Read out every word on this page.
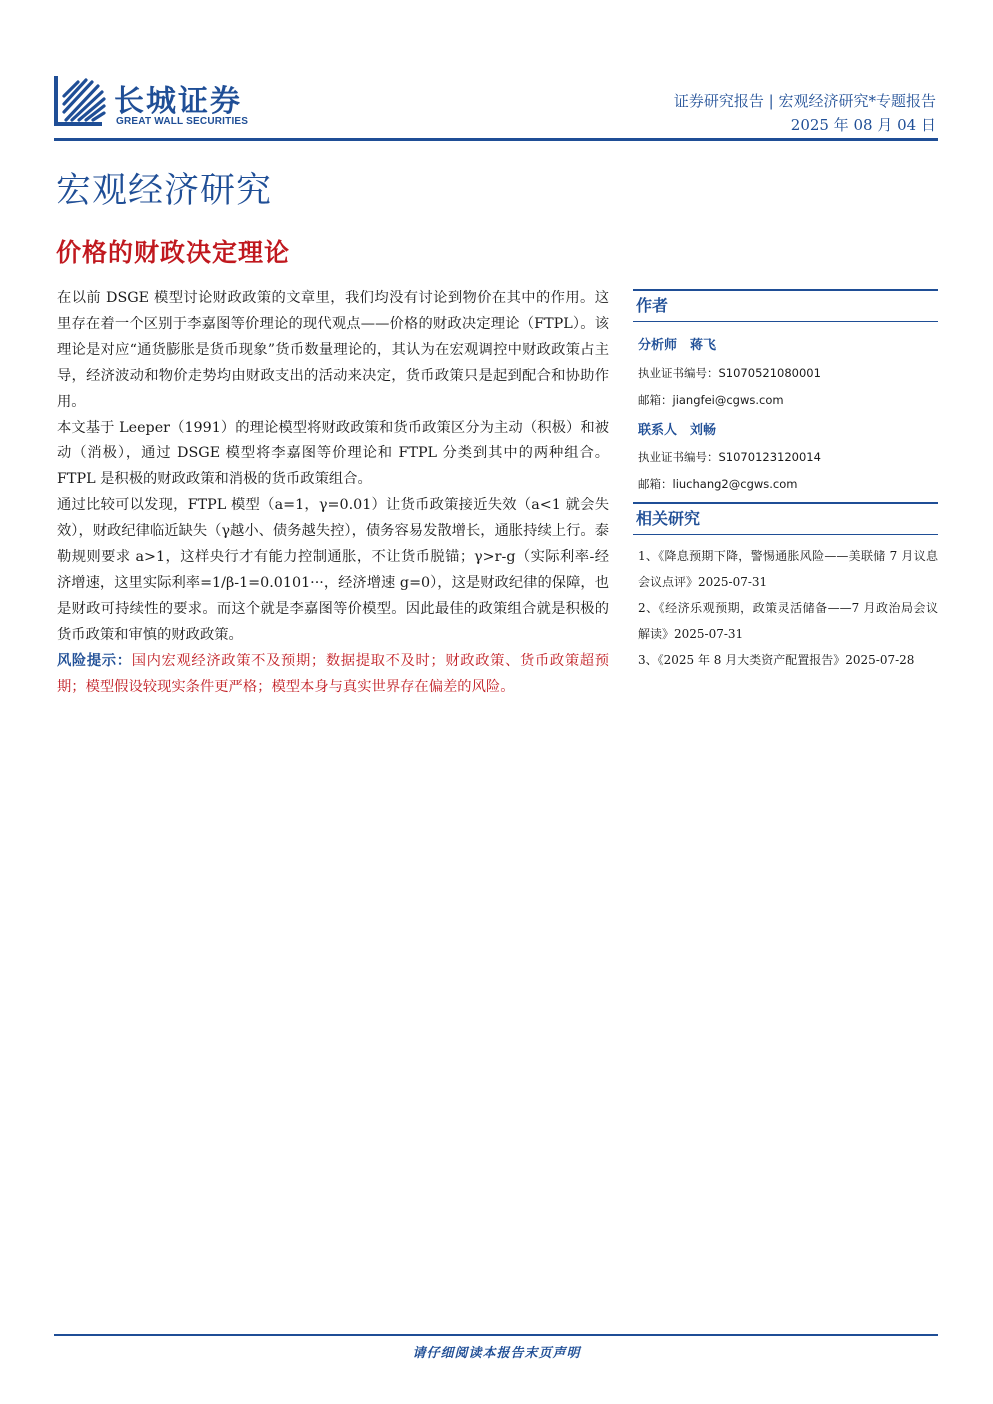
长城证券
GREAT WALL SECURITIES
证券研究报告 | 宏观经济研究*专题报告
2025 年 08 月 04 日
宏观经济研究
价格的财政决定理论

在以前 DSGE 模型讨论财政政策的文章里，我们均没有讨论到物价在其中的作用。这里存在着一个区别于李嘉图等价理论的现代观点——价格的财政决定理论（FTPL）。该理论是对应“通货膨胀是货币现象”货币数量理论的，其认为在宏观调控中财政政策占主导，经济波动和物价走势均由财政支出的活动来决定，货币政策只是起到配合和协助作用。

本文基于 Leeper（1991）的理论模型将财政政策和货币政策区分为主动（积极）和被动（消极），通过 DSGE 模型将李嘉图等价理论和 FTPL 分类到其中的两种组合。FTPL 是积极的财政政策和消极的货币政策组合。

通过比较可以发现，FTPL 模型（a=1，γ=0.01）让货币政策接近失效（a<1 就会失效），财政纪律临近缺失（γ越小、债务越失控），债务容易发散增长，通胀持续上行。泰勒规则要求 a>1，这样央行才有能力控制通胀，不让货币脱锚；γ>r-g（实际利率-经济增速，这里实际利率=1/β-1=0.0101···，经济增速 g=0），这是财政纪律的保障，也是财政可持续性的要求。而这个就是李嘉图等价模型。因此最佳的政策组合就是积极的货币政策和审慎的财政政策。

风险提示：国内宏观经济政策不及预期；数据提取不及时；财政政策、货币政策超预期；模型假设较现实条件更严格；模型本身与真实世界存在偏差的风险。

作者
分析师　蒋飞
执业证书编号：S1070521080001
邮箱：jiangfei@cgws.com
联系人　刘畅
执业证书编号：S1070123120014
邮箱：liuchang2@cgws.com
相关研究
1、《降息预期下降，警惕通胀风险——美联储 7 月议息会议点评》2025-07-31
2、《经济乐观预期，政策灵活储备——7 月政治局会议解读》2025-07-31
3、《2025 年 8 月大类资产配置报告》2025-07-28
请仔细阅读本报告末页声明
